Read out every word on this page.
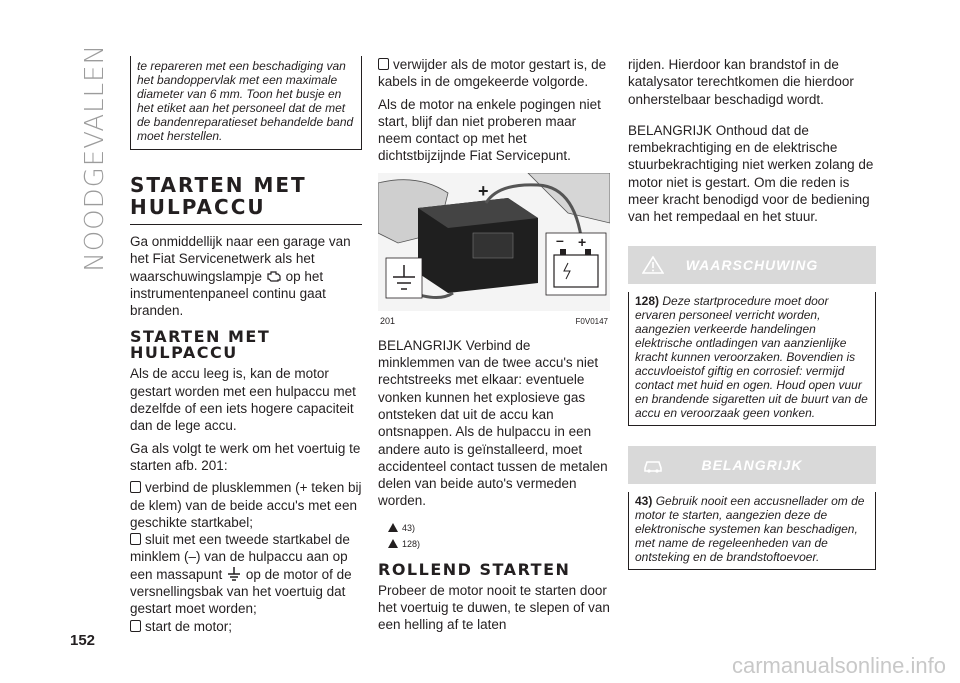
NOODGEVALLEN te repareren met een beschadiging van het bandoppervlak met een maximale diameter van 6 mm. Toon het busje en het etiket aan het personeel dat de met de bandenreparatieset behandelde band moet herstellen.

STARTEN MET HULPACCU

Ga onmiddellijk naar een garage van het Fiat Servicenetwerk als het waarschuwingslampje op het instrumentenpaneel continu gaat branden.

STARTEN MET HULPACCU

Als de accu leeg is, kan de motor gestart worden met een hulpaccu met dezelfde of een iets hogere capaciteit dan de lege accu.

Ga als volgt te werk om het voertuig te starten afb. 201:

verbind de plusklemmen (+ teken bij de klem) van de beide accu's met een geschikte startkabel;

sluit met een tweede startkabel de minklem (–) van de hulpaccu aan op een massapunt op de motor of de versnellingsbak van het voertuig dat gestart moet worden;

start de motor;

verwijder als de motor gestart is, de kabels in de omgekeerde volgorde.

Als de motor na enkele pogingen niet start, blijf dan niet proberen maar neem contact op met het dichtstbijzijnde Fiat Servicepunt.

+
+
–
201	F0V0147

BELANGRIJK Verbind de minklemmen van de twee accu's niet rechtstreeks met elkaar: eventuele vonken kunnen het explosieve gas ontsteken dat uit de accu kan ontsnappen. Als de hulpaccu in een andere auto is geïnstalleerd, moet accidenteel contact tussen de metalen delen van beide auto's vermeden worden.

43)
128)
ROLLEND STARTEN

Probeer de motor nooit te starten door het voertuig te duwen, te slepen of van een helling af te laten

rijden. Hierdoor kan brandstof in de katalysator terechtkomen die hierdoor onherstelbaar beschadigd wordt.

BELANGRIJK Onthoud dat de rembekrachtiging en de elektrische stuurbekrachtiging niet werken zolang de motor niet is gestart. Om die reden is meer kracht benodigd voor de bediening van het rempedaal en het stuur.

WAARSCHUWING

128) Deze startprocedure moet door ervaren personeel verricht worden, aangezien verkeerde handelingen elektrische ontladingen van aanzienlijke kracht kunnen veroorzaken. Bovendien is accuvloeistof giftig en corrosief: vermijd contact met huid en ogen. Houd open vuur en brandende sigaretten uit de buurt van de accu en veroorzaak geen vonken.

BELANGRIJK

43) Gebruik nooit een accusnellader om de motor te starten, aangezien deze de elektronische systemen kan beschadigen, met name de regeleenheden van de ontsteking en de brandstoftoevoer.

152
carmanualsonline.info
